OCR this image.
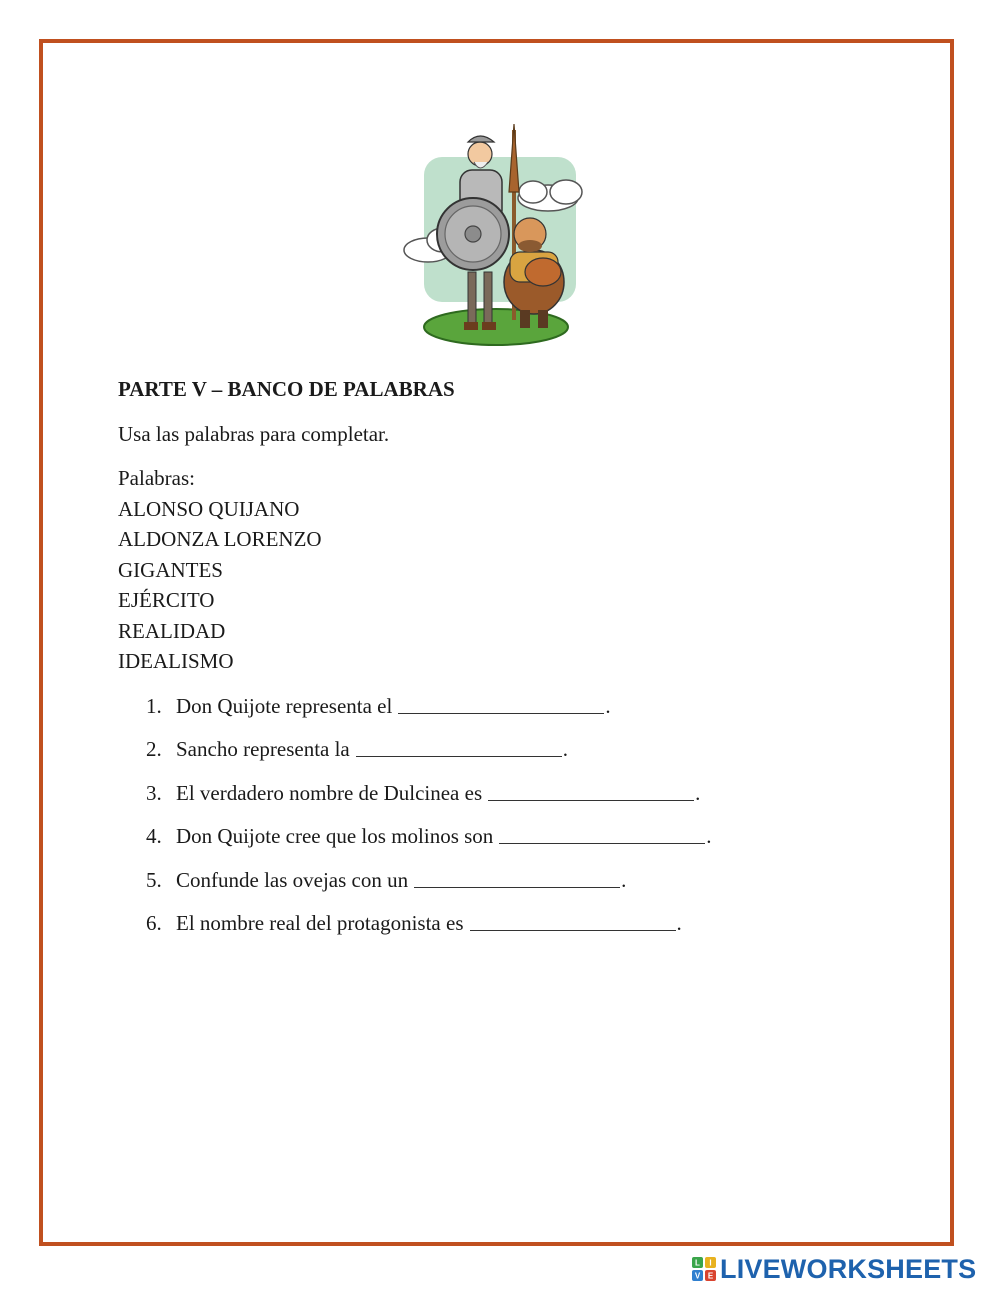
PARTE V – BANCO DE PALABRAS

Usa las palabras para completar.

Palabras:

ALONSO QUIJANO
ALDONZA LORENZO
GIGANTES
EJÉRCITO
REALIDAD
IDEALISMO
1. Don Quijote representa el	.
2. Sancho representa la	.
3. El verdadero nombre de Dulcinea es	.
4. Don Quijote cree que los molinos son	.
5. Confunde las ovejas con un	.
6. El nombre real del protagonista es	.
L I
V E LIVEWORKSHEETS
